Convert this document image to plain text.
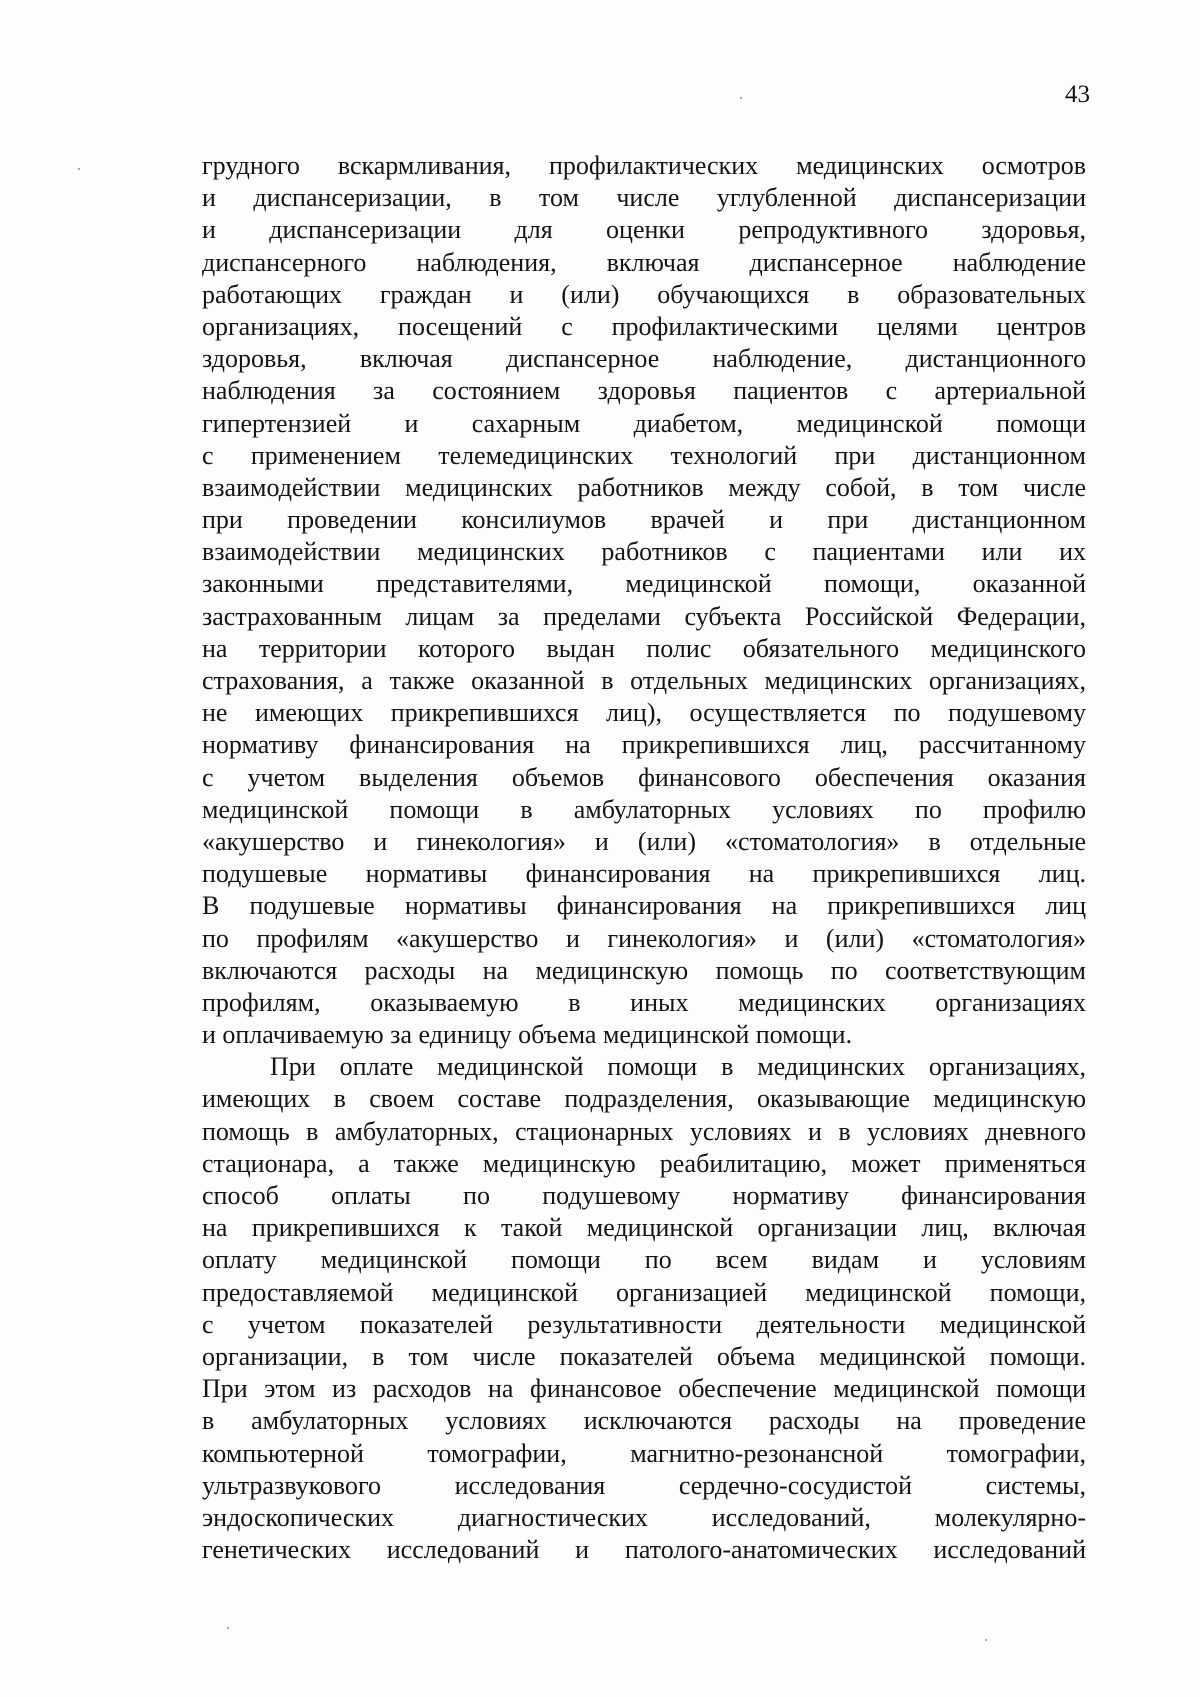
43
грудного вскармливания, профилактических медицинских осмотров
и диспансеризации, в том числе углубленной диспансеризации
и диспансеризации для оценки репродуктивного здоровья,
диспансерного наблюдения, включая диспансерное наблюдение
работающих граждан и (или) обучающихся в образовательных
организациях, посещений с профилактическими целями центров
здоровья, включая диспансерное наблюдение, дистанционного
наблюдения за состоянием здоровья пациентов с артериальной
гипертензией и сахарным диабетом, медицинской помощи
с применением телемедицинских технологий при дистанционном
взаимодействии медицинских работников между собой, в том числе
при проведении консилиумов врачей и при дистанционном
взаимодействии медицинских работников с пациентами или их
законными представителями, медицинской помощи, оказанной
застрахованным лицам за пределами субъекта Российской Федерации,
на территории которого выдан полис обязательного медицинского
страхования, а также оказанной в отдельных медицинских организациях,
не имеющих прикрепившихся лиц), осуществляется по подушевому
нормативу финансирования на прикрепившихся лиц, рассчитанному
с учетом выделения объемов финансового обеспечения оказания
медицинской помощи в амбулаторных условиях по профилю
«акушерство и гинекология» и (или) «стоматология» в отдельные
подушевые нормативы финансирования на прикрепившихся лиц.
В подушевые нормативы финансирования на прикрепившихся лиц
по профилям «акушерство и гинекология» и (или) «стоматология»
включаются расходы на медицинскую помощь по соответствующим
профилям, оказываемую в иных медицинских организациях
и оплачиваемую за единицу объема медицинской помощи.
При оплате медицинской помощи в медицинских организациях,
имеющих в своем составе подразделения, оказывающие медицинскую
помощь в амбулаторных, стационарных условиях и в условиях дневного
стационара, а также медицинскую реабилитацию, может применяться
способ оплаты по подушевому нормативу финансирования
на прикрепившихся к такой медицинской организации лиц, включая
оплату медицинской помощи по всем видам и условиям
предоставляемой медицинской организацией медицинской помощи,
с учетом показателей результативности деятельности медицинской
организации, в том числе показателей объема медицинской помощи.
При этом из расходов на финансовое обеспечение медицинской помощи
в амбулаторных условиях исключаются расходы на проведение
компьютерной томографии, магнитно-резонансной томографии,
ультразвукового исследования сердечно-сосудистой системы,
эндоскопических диагностических исследований, молекулярно-
генетических исследований и патолого-анатомических исследований
